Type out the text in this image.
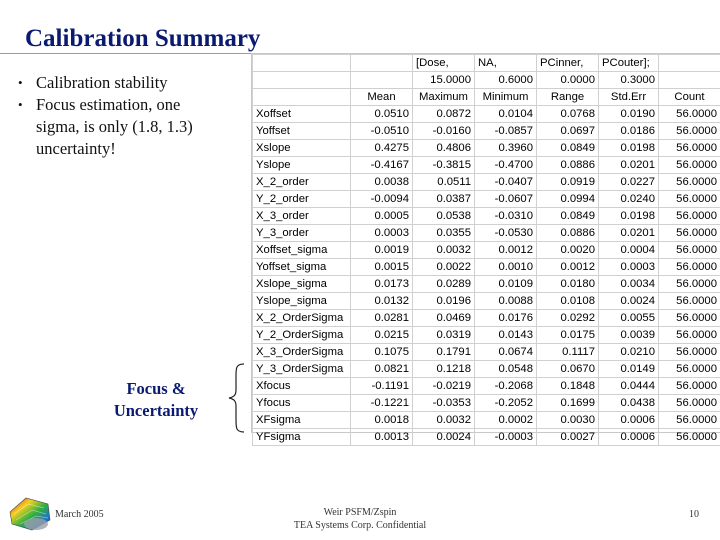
Calibration Summary
• Calibration stability
• Focus estimation, one sigma, is only (1.8, 1.3) uncertainty!
Focus &
Uncertainty
		[Dose,	NA,	PCinner,	PCouter];	
		15.0000	0.6000	0.0000	0.3000	
	Mean	Maximum	Minimum	Range	Std.Err	Count
Xoffset	0.0510	0.0872	0.0104	0.0768	0.0190	56.0000
Yoffset	-0.0510	-0.0160	-0.0857	0.0697	0.0186	56.0000
Xslope	0.4275	0.4806	0.3960	0.0849	0.0198	56.0000
Yslope	-0.4167	-0.3815	-0.4700	0.0886	0.0201	56.0000
X_2_order	0.0038	0.0511	-0.0407	0.0919	0.0227	56.0000
Y_2_order	-0.0094	0.0387	-0.0607	0.0994	0.0240	56.0000
X_3_order	0.0005	0.0538	-0.0310	0.0849	0.0198	56.0000
Y_3_order	0.0003	0.0355	-0.0530	0.0886	0.0201	56.0000
Xoffset_sigma	0.0019	0.0032	0.0012	0.0020	0.0004	56.0000
Yoffset_sigma	0.0015	0.0022	0.0010	0.0012	0.0003	56.0000
Xslope_sigma	0.0173	0.0289	0.0109	0.0180	0.0034	56.0000
Yslope_sigma	0.0132	0.0196	0.0088	0.0108	0.0024	56.0000
X_2_OrderSigma	0.0281	0.0469	0.0176	0.0292	0.0055	56.0000
Y_2_OrderSigma	0.0215	0.0319	0.0143	0.0175	0.0039	56.0000
X_3_OrderSigma	0.1075	0.1791	0.0674	0.1117	0.0210	56.0000
Y_3_OrderSigma	0.0821	0.1218	0.0548	0.0670	0.0149	56.0000
Xfocus	-0.1191	-0.0219	-0.2068	0.1848	0.0444	56.0000
Yfocus	-0.1221	-0.0353	-0.2052	0.1699	0.0438	56.0000
XFsigma	0.0018	0.0032	0.0002	0.0030	0.0006	56.0000
YFsigma	0.0013	0.0024	-0.0003	0.0027	0.0006	56.0000
March 2005	Weir PSFM/Zspin
TEA Systems Corp. Confidential
10
